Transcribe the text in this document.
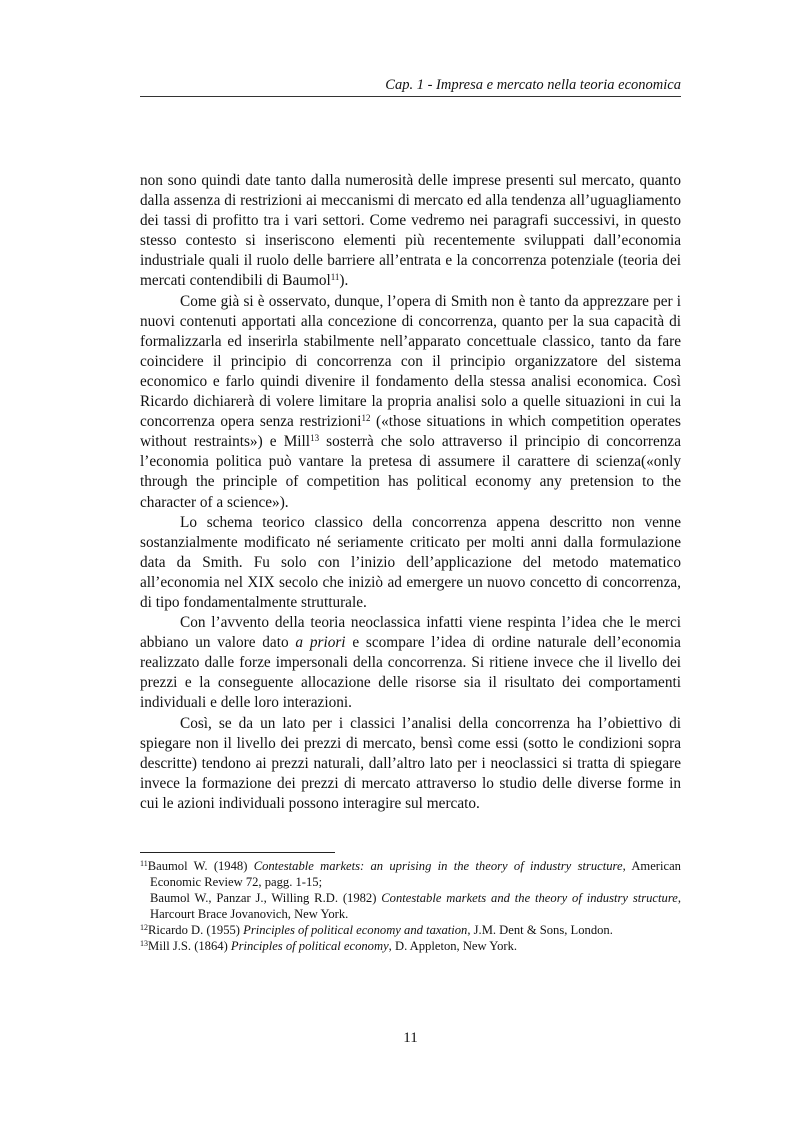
Cap. 1 - Impresa e mercato nella teoria economica

non sono quindi date tanto dalla numerosità delle imprese presenti sul mercato, quanto dalla assenza di restrizioni ai meccanismi di mercato ed alla tendenza all’uguagliamento dei tassi di profitto tra i vari settori. Come vedremo nei paragrafi successivi, in questo stesso contesto si inseriscono elementi più recentemente sviluppati dall’economia industriale quali il ruolo delle barriere all’entrata e la concorrenza potenziale (teoria dei mercati contendibili di Baumol$^{11}$).

Come già si è osservato, dunque, l’opera di Smith non è tanto da apprezzare per i nuovi contenuti apportati alla concezione di concorrenza, quanto per la sua capacità di formalizzarla ed inserirla stabilmente nell’apparato concettuale classico, tanto da fare coincidere il principio di concorrenza con il principio organizzatore del sistema economico e farlo quindi divenire il fondamento della stessa analisi economica. Così Ricardo dichiarerà di volere limitare la propria analisi solo a quelle situazioni in cui la concorrenza opera senza restrizioni$^{12}$ («those situations in which competition operates without restraints») e Mill$^{13}$ sosterrà che solo attraverso il principio di concorrenza l’economia politica può vantare la pretesa di assumere il carattere di scienza(«only through the principle of competition has political economy any pretension to the character of a science»).

Lo schema teorico classico della concorrenza appena descritto non venne sostanzialmente modificato né seriamente criticato per molti anni dalla formulazione data da Smith. Fu solo con l’inizio dell’applicazione del metodo matematico all’economia nel XIX secolo che iniziò ad emergere un nuovo concetto di concorrenza, di tipo fondamentalmente strutturale.

Con l’avvento della teoria neoclassica infatti viene respinta l’idea che le merci abbiano un valore dato a priori e scompare l’idea di ordine naturale dell’economia realizzato dalle forze impersonali della concorrenza. Si ritiene invece che il livello dei prezzi e la conseguente allocazione delle risorse sia il risultato dei comportamenti individuali e delle loro interazioni.

Così, se da un lato per i classici l’analisi della concorrenza ha l’obiettivo di spiegare non il livello dei prezzi di mercato, bensì come essi (sotto le condizioni sopra descritte) tendono ai prezzi naturali, dall’altro lato per i neoclassici si tratta di spiegare invece la formazione dei prezzi di mercato attraverso lo studio delle diverse forme in cui le azioni individuali possono interagire sul mercato.

$^{11}$Baumol W. (1948) Contestable markets: an uprising in the theory of industry structure, American Economic Review 72, pagg. 1-15;
Baumol W., Panzar J., Willing R.D. (1982) Contestable markets and the theory of industry structure, Harcourt Brace Jovanovich, New York.

$^{12}$Ricardo D. (1955) Principles of political economy and taxation, J.M. Dent & Sons, London.

$^{13}$Mill J.S. (1864) Principles of political economy, D. Appleton, New York.

11
